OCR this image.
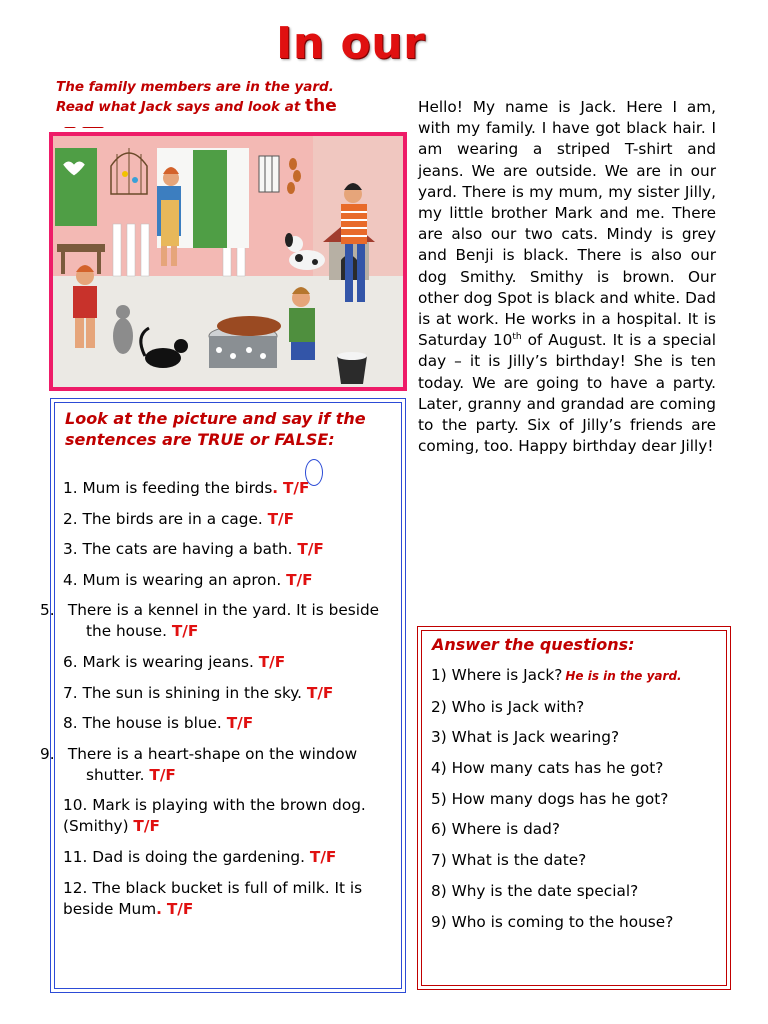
In our
The family members are in the yard.
Read what Jack says and look at the	Hello! My name is Jack. Here I am, with my family. I have got black hair. I am wearing a striped T-shirt and jeans. We are outside. We are in our yard. There is my mum, my sister Jilly, my little brother Mark and me. There are also our two cats. Mindy is grey and Benji is black. There is also our dog Smithy. Smithy is brown. Our other dog Spot is black and white. Dad is at work. He works in a hospital. It is Saturday 10th of August. It is a special day – it is Jilly’s birthday! She is ten today. We are going to have a party. Later, granny and grandad are coming to the party. Six of Jilly’s friends are coming, too. Happy birthday dear Jilly!
Look at the picture and say if the sentences are TRUE or FALSE:
1. Mum is feeding the birds. T/F
2. The birds are in a cage. T/F
3. The cats are having a bath. T/F
4. Mum is wearing an apron. T/F
5. There is a kennel in the yard. It is beside the house. T/F
6. Mark is wearing jeans. T/F
7. The sun is shining in the sky. T/F
8. The house is blue. T/F
9. There is a heart-shape on the window shutter. T/F
10. Mark is playing with the brown dog. (Smithy) T/F
11. Dad is doing the gardening. T/F
12. The black bucket is full of milk. It is beside Mum. T/F
Answer the questions:
1) Where is Jack? He is in the yard.
2) Who is Jack with?
3) What is Jack wearing?
4) How many cats has he got?
5) How many dogs has he got?
6) Where is dad?
7) What is the date?
8) Why is the date special?
9) Who is coming to the house?
